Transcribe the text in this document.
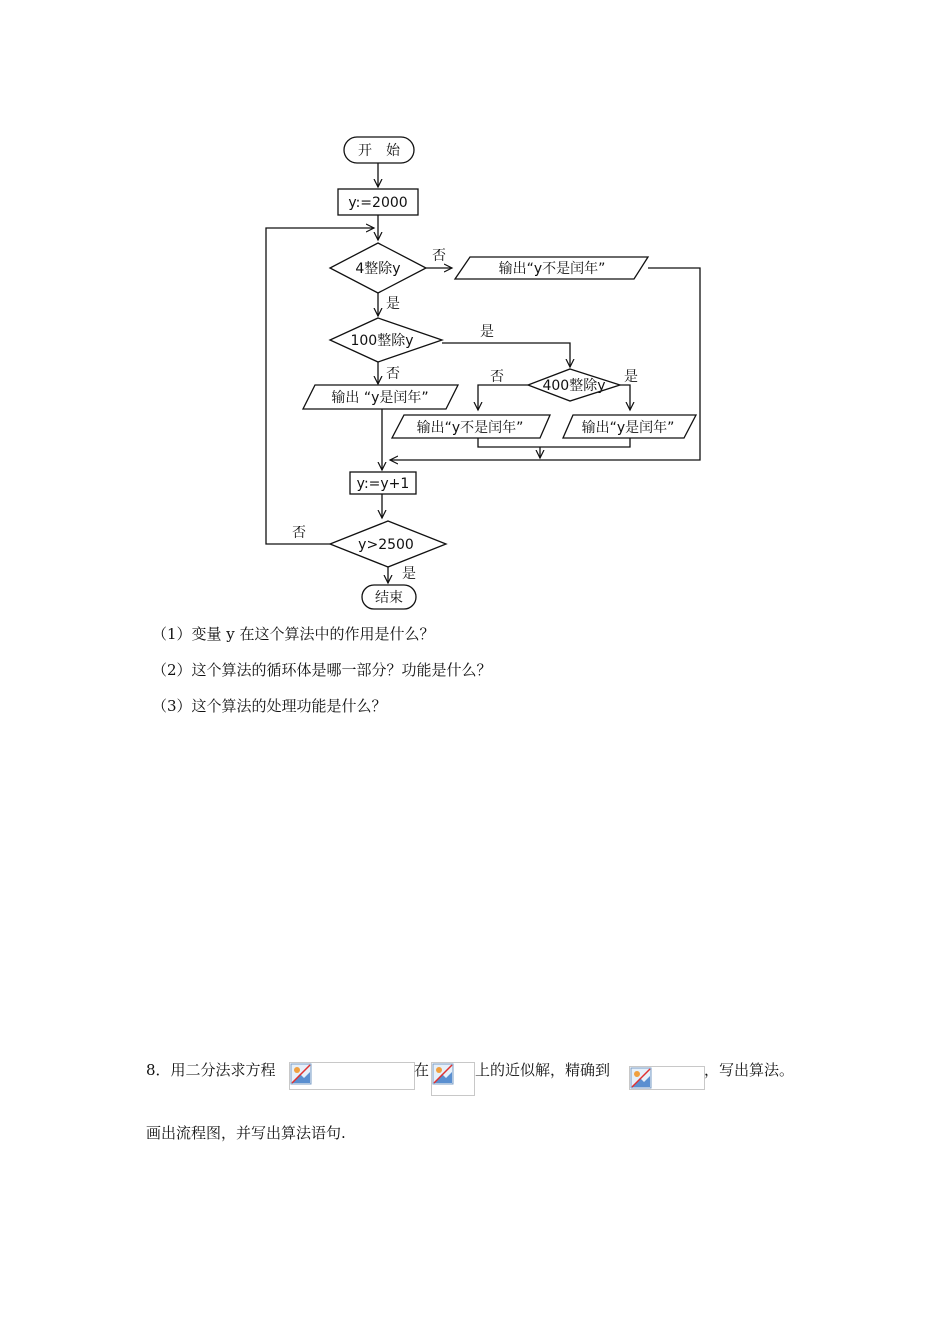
开　始
y:=2000
4整除y
否
是
输出“y不是闰年”
100整除y
是
否
输出 “y是闰年”
400整除y
否	是
输出“y不是闰年”	输出“y是闰年”
y:=y+1
否
y>2500
是
结束
（1）变量 y 在这个算法中的作用是什么？
（2）这个算法的循环体是哪一部分？功能是什么？
（3）这个算法的处理功能是什么？
8．用二分法求方程	在	上的近似解，精确到	，写出算法。
画出流程图，并写出算法语句.
